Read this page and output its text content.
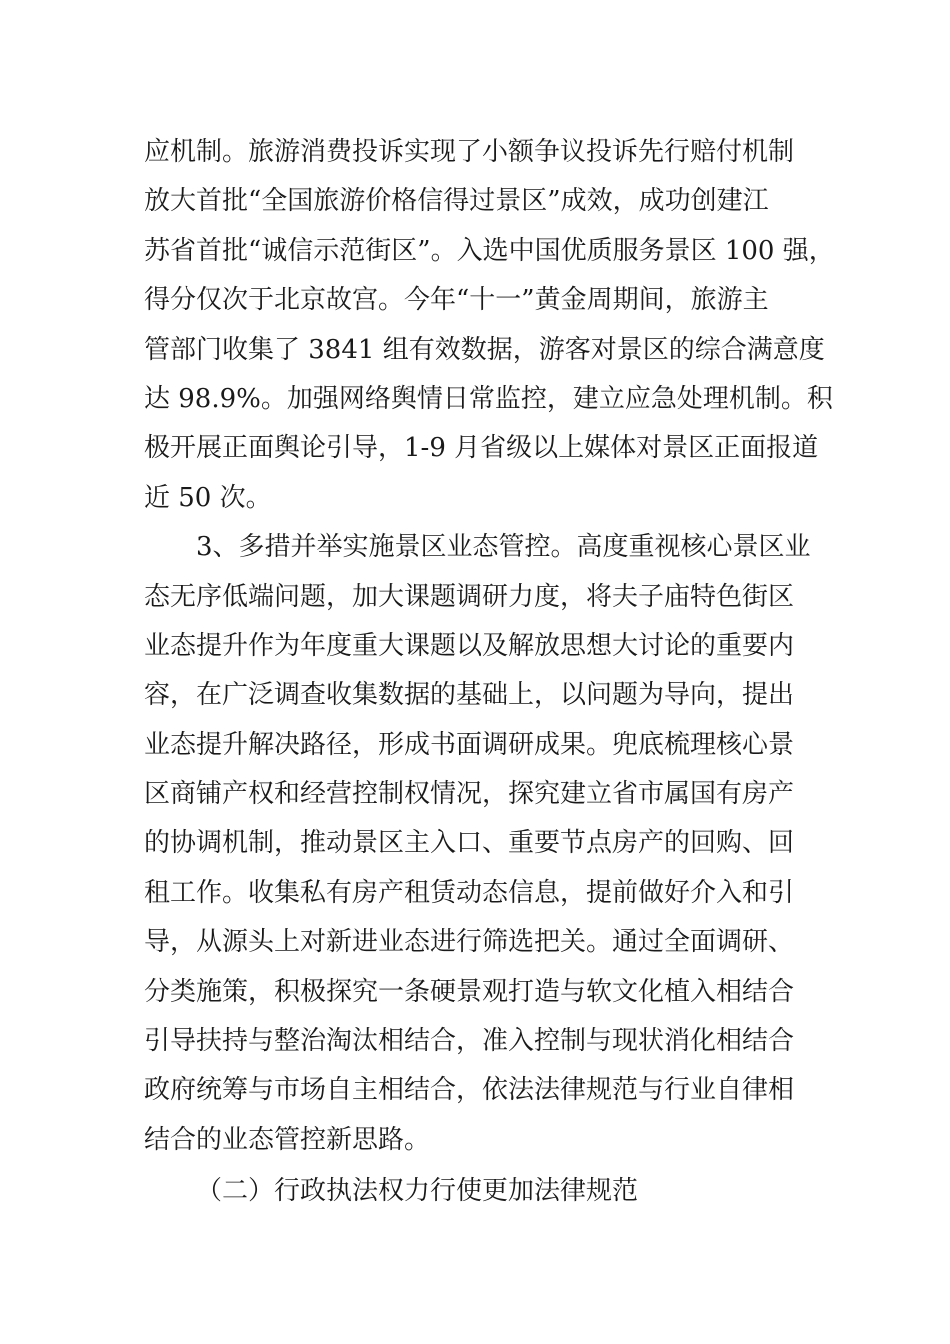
应机制。旅游消费投诉实现了小额争议投诉先行赔付机制
放大首批“全国旅游价格信得过景区”成效，成功创建江
苏省首批“诚信示范街区”。入选中国优质服务景区 100 强，
得分仅次于北京故宫。今年“十一”黄金周期间，旅游主
管部门收集了 3841 组有效数据，游客对景区的综合满意度
达 98.9%。加强网络舆情日常监控，建立应急处理机制。积
极开展正面舆论引导，1-9 月省级以上媒体对景区正面报道
近 50 次。
3、多措并举实施景区业态管控。高度重视核心景区业
态无序低端问题，加大课题调研力度，将夫子庙特色街区
业态提升作为年度重大课题以及解放思想大讨论的重要内
容，在广泛调查收集数据的基础上，以问题为导向，提出
业态提升解决路径，形成书面调研成果。兜底梳理核心景
区商铺产权和经营控制权情况，探究建立省市属国有房产
的协调机制，推动景区主入口、重要节点房产的回购、回
租工作。收集私有房产租赁动态信息，提前做好介入和引
导，从源头上对新进业态进行筛选把关。通过全面调研、
分类施策，积极探究一条硬景观打造与软文化植入相结合
引导扶持与整治淘汰相结合，准入控制与现状消化相结合
政府统筹与市场自主相结合，依法法律规范与行业自律相
结合的业态管控新思路。
（二）行政执法权力行使更加法律规范
